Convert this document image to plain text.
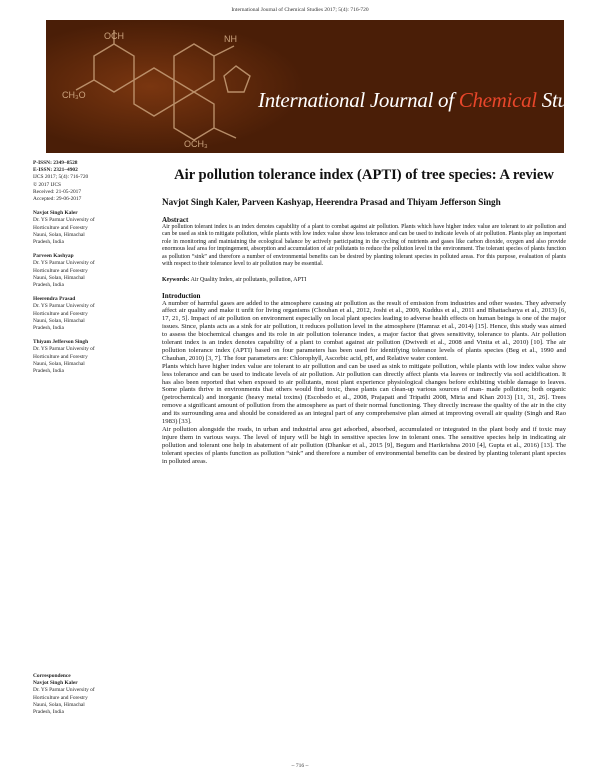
International Journal of Chemical Studies 2017; 5(4): 716-720
OCH
CH₃O
NH
OCH₃
International Journal of Chemical Studies
P-ISSN: 2349–8528
E-ISSN: 2321–4902
IJCS 2017; 5(4): 716-720
© 2017 IJCS
Received: 21-05-2017
Accepted: 29-06-2017
Navjot Singh Kaler
Dr. YS Parmar University of
Horticulture and Forestry
Nauni, Solan, Himachal
Pradesh, India
Parveen Kashyap
Dr. YS Parmar University of
Horticulture and Forestry
Nauni, Solan, Himachal
Pradesh, India
Heerendra Prasad
Dr. YS Parmar University of
Horticulture and Forestry
Nauni, Solan, Himachal
Pradesh, India
Thiyam Jefferson Singh
Dr. YS Parmar University of
Horticulture and Forestry
Nauni, Solan, Himachal
Pradesh, India
Correspondence
Navjot Singh Kaler
Dr. YS Parmar University of
Horticulture and Forestry
Nauni, Solan, Himachal
Pradesh, India
Air pollution tolerance index (APTI) of tree species: A review
Navjot Singh Kaler, Parveen Kashyap, Heerendra Prasad and Thiyam Jefferson Singh
Abstract
Air pollution tolerant index is an index denotes capability of a plant to combat against air pollution. Plants which have higher index value are tolerant to air pollution and can be used as sink to mitigate pollution, while plants with low index value show less tolerance and can be used to indicate levels of air pollution. Plants play an important role in monitoring and maintaining the ecological balance by actively participating in the cycling of nutrients and gases like carbon dioxide, oxygen and also provide enormous leaf area for impingement, absorption and accumulation of air pollutants to reduce the pollution level in the environment. The tolerant species of plants function as pollution “sink” and therefore a number of environmental benefits can be desired by planting tolerant species in polluted areas. For this purpose, evaluation of plants with respect to their tolerance level to air pollution may be essential.
Keywords: Air Quality Index, air pollutants, pollution, APTI
Introduction
A number of harmful gases are added to the atmosphere causing air pollution as the result of emission from industries and other wastes. They adversely affect air quality and make it unfit for living organisms (Chouhan et al., 2012, Joshi et al., 2009, Kuddus et al., 2011 and Bhattacharya et al., 2013) [6, 17, 21, 5]. Impact of air pollution on environment especially on local plant species leading to adverse health effects on human beings is one of the major issues. Since, plants acts as a sink for air pollution, it reduces pollution level in the atmosphere (Hamraz et al., 2014) [15]. Hence, this study was aimed to assess the biochemical changes and its role in air pollution tolerance index, a major factor that gives sensitivity, tolerance to plants. Air pollution tolerant index is an index denotes capability of a plant to combat against air pollution (Dwivedi et al., 2008 and Vinita et al., 2010) [10]. The air pollution tolerance index (APTI) based on four parameters has been used for identifying tolerance levels of plants species (Beg et al., 1990 and Chauhan, 2010) [3, 7]. The four parameters are: Chlorophyll, Ascorbic acid, pH, and Relative water content.
Plants which have higher index value are tolerant to air pollution and can be used as sink to mitigate pollution, while plants with low index value show less tolerance and can be used to indicate levels of air pollution. Air pollution can directly affect plants via leaves or indirectly via soil acidification. It has also been reported that when exposed to air pollutants, most plant experience physiological changes before exhibiting visible damage to leaves. Some plants thrive in environments that others would find toxic, these plants can clean-up various sources of man- made pollution; both organic (petrochemical) and inorganic (heavy metal toxins) (Escobedo et al., 2008, Prajapati and Tripathi 2008, Miria and Khan 2013) [11, 31, 26]. Trees remove a significant amount of pollution from the atmosphere as part of their normal functioning. They directly increase the quality of the air in the city and its surrounding area and should be considered as an integral part of any comprehensive plan aimed at improving overall air quality (Singh and Rao 1983) [33].
Air pollution alongside the roads, in urban and industrial area get adsorbed, absorbed, accumulated or integrated in the plant body and if toxic may injure them in various ways. The level of injury will be high in sensitive species low in tolerant ones. The sensitive species help in indicating air pollution and tolerant one help in abatement of air pollution (Dhankar et al., 2015 [9], Begum and Harikrishna 2010 [4], Gupta et al., 2016) [13]. The tolerant species of plants function as pollution “sink” and therefore a number of environmental benefits can be desired by planting tolerant plant species in polluted areas.
~ 716 ~
